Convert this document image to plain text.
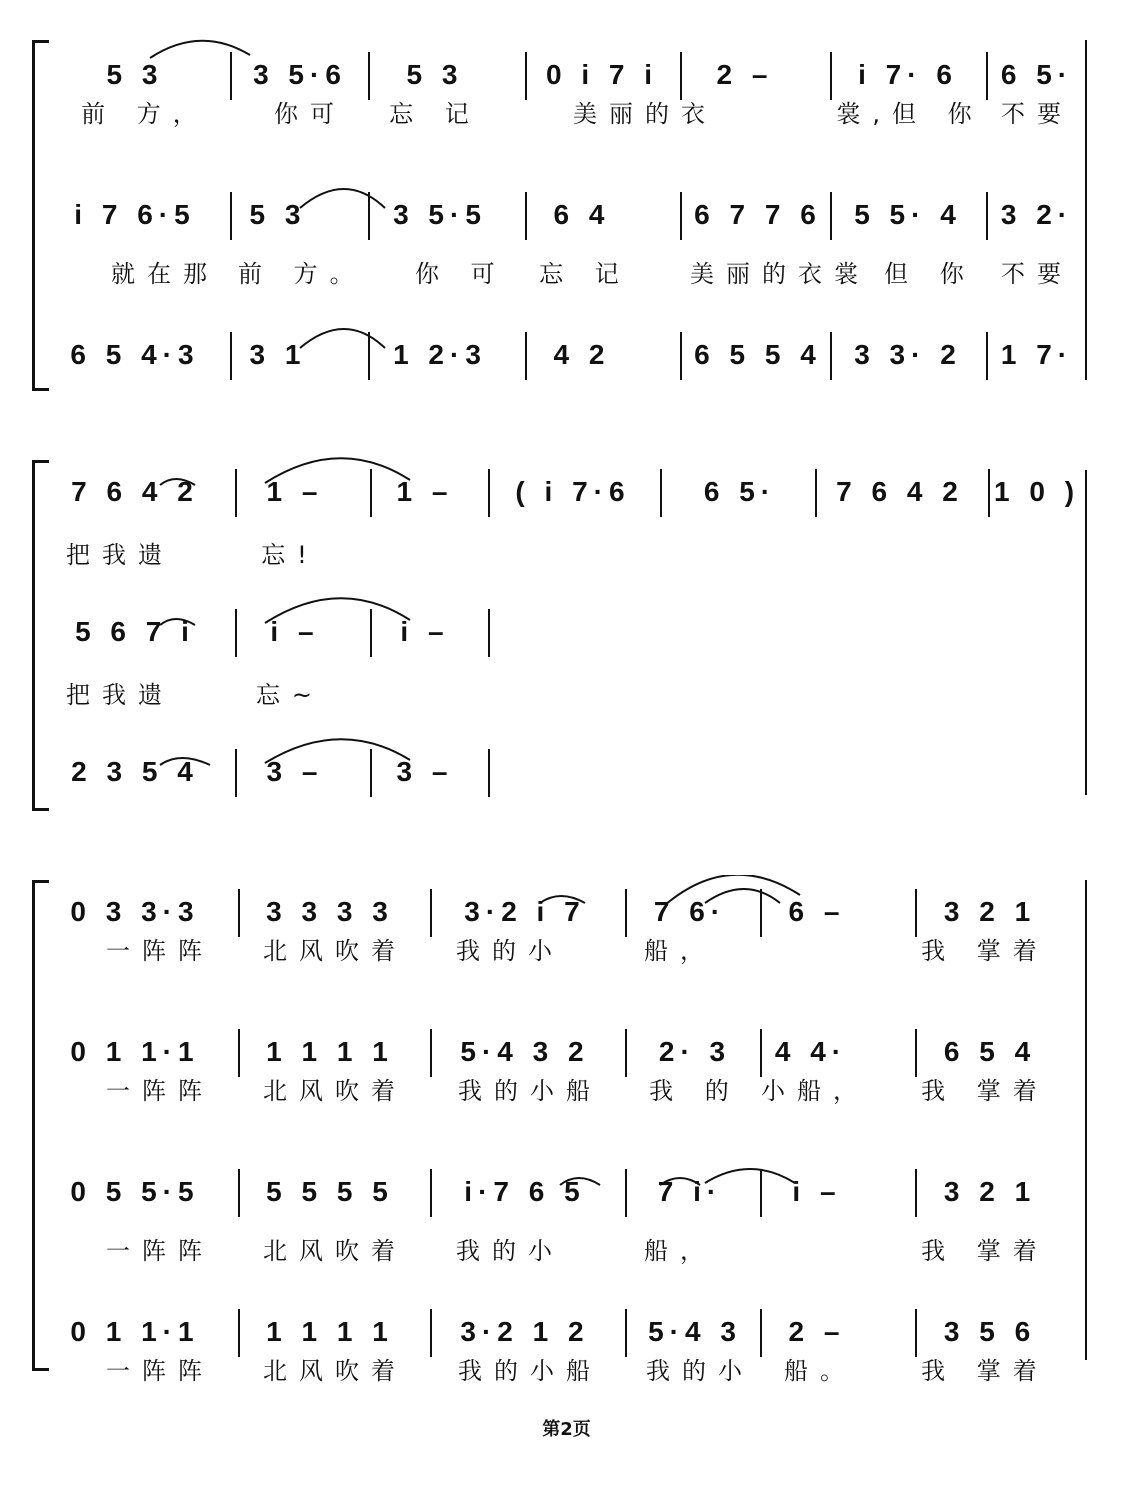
5 3	3 5·6	5 3	0 i 7 i	2 –	i 7· 6	6 5·
前 方，	你可	忘 记	美丽的衣	裳,但 你 不要
i 7 6·5	5 3	3 5·5	6 4	6 7 7 6	5 5· 4	3 2·
就在那 前 方。 你 可	忘 记	美丽的衣裳 但 你	不要
6 5 4·3	3 1	1 2·3	4 2	6 5 5 4	3 3· 2	1 7·
7 6 4 2	1 –	1 –	( i 7·6	6 5·	7 6 4 2	1 0 )
把我遗	忘!
5 6 7 i	i –	i –
把我遗	忘~
2 3 5 4	3 –	3 –
0 3 3·3	3 3 3 3	3·2 i 7	7 6·	6 –	3 2 1
一阵阵	北风吹着	我的小	船，	我 掌着
0 1 1·1	1 1 1 1	5·4 3 2	2· 3	4 4·	6 5 4
一阵阵	北风吹着	我的小船	我 的 小船，	我 掌着
0 5 5·5	5 5 5 5	i·7 6 5	7 i·	i –	3 2 1
一阵阵	北风吹着	我的小	船，	我 掌着
0 1 1·1	1 1 1 1	3·2 1 2	5·4 3	2 –	3 5 6
一阵阵	北风吹着	我的小船	我的小	船。	我 掌着
第2页
